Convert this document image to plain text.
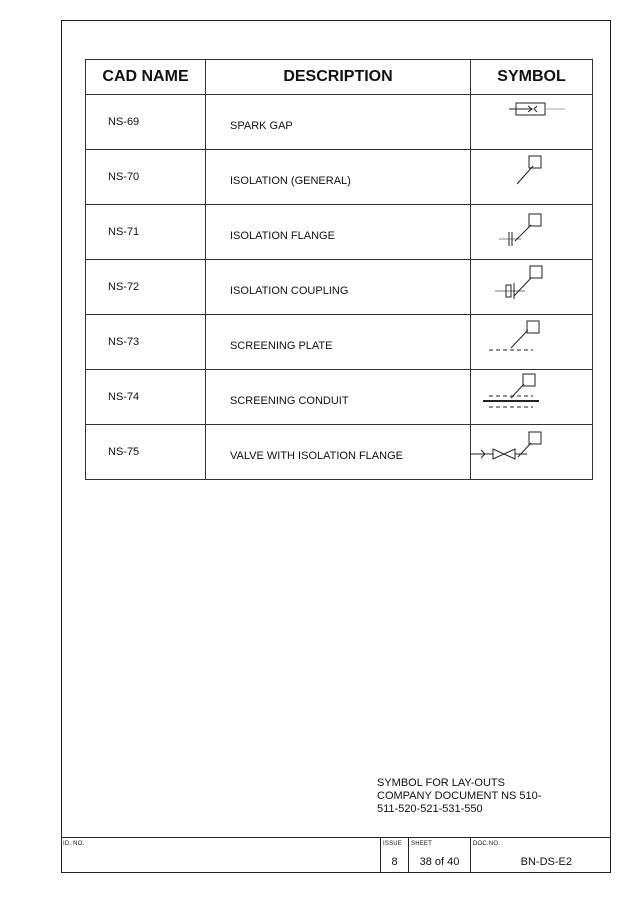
CAD NAME	DESCRIPTION	SYMBOL
NS-69	SPARK GAP	

NS-70	ISOLATION (GENERAL)	

NS-71	ISOLATION FLANGE	

NS-72	ISOLATION COUPLING	

NS-73	SCREENING PLATE	

NS-74	SCREENING CONDUIT	

NS-75	VALVE WITH ISOLATION FLANGE	
SYMBOL FOR LAY-OUTS
COMPANY DOCUMENT NS 510-
511-520-521-531-550
ID. NO.	ISSUE
8
SHEET
38 of 40
DOC.NO.
BN-DS-E2
